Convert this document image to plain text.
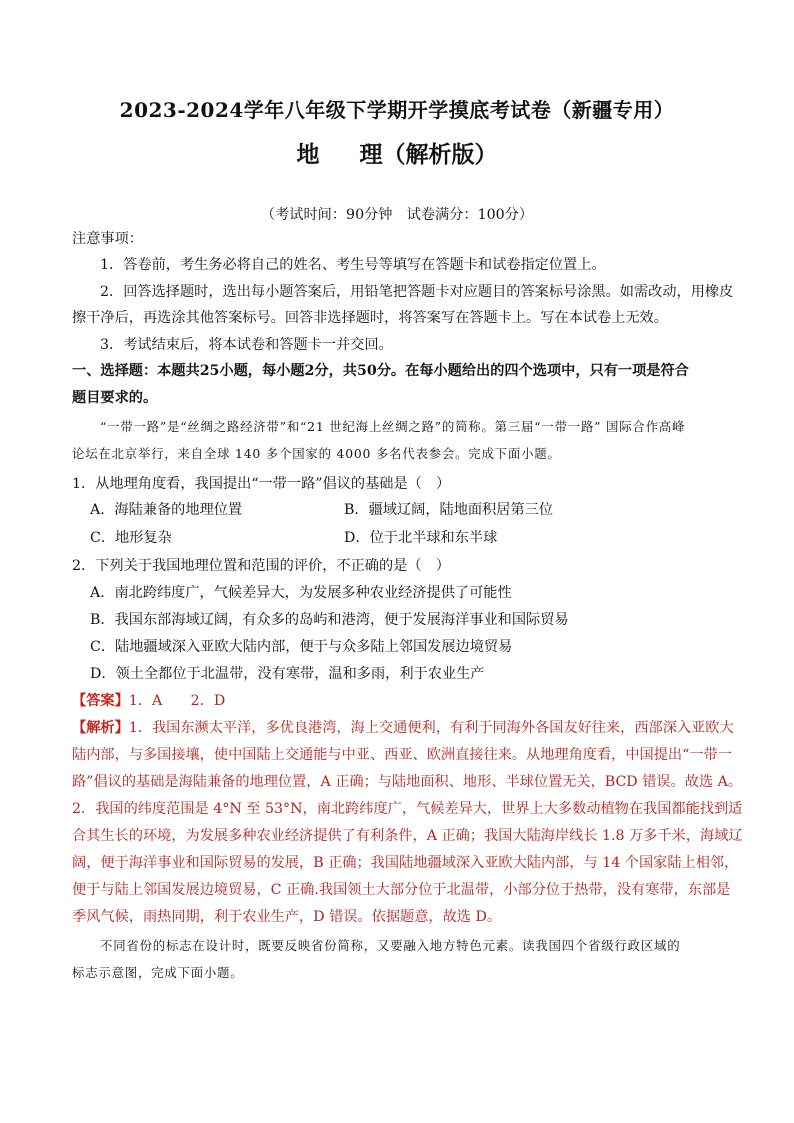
2023-2024学年八年级下学期开学摸底考试卷（新疆专用）
地 理（解析版）
（考试时间：90分钟　试卷满分：100分）
注意事项：
1．答卷前，考生务必将自己的姓名、考生号等填写在答题卡和试卷指定位置上。
2．回答选择题时，选出每小题答案后，用铅笔把答题卡对应题目的答案标号涂黑。如需改动，用橡皮
擦干净后，再选涂其他答案标号。回答非选择题时，将答案写在答题卡上。写在本试卷上无效。
3．考试结束后，将本试卷和答题卡一并交回。
一、选择题：本题共25小题，每小题2分，共50分。在每小题给出的四个选项中，只有一项是符合
题目要求的。
“一带一路”是“丝绸之路经济带”和“21 世纪海上丝绸之路”的简称。第三届“一带一路” 国际合作高峰
论坛在北京举行，来自全球 140 多个国家的 4000 多名代表参会。完成下面小题。
1．从地理角度看，我国提出“一带一路”倡议的基础是（　）
A．海陆兼备的地理位置	B．疆域辽阔，陆地面积居第三位
C．地形复杂	D．位于北半球和东半球
2．下列关于我国地理位置和范围的评价，不正确的是（　）
A．南北跨纬度广，气候差异大，为发展多种农业经济提供了可能性
B．我国东部海域辽阔，有众多的岛屿和港湾，便于发展海洋事业和国际贸易
C．陆地疆域深入亚欧大陆内部，便于与众多陆上邻国发展边境贸易
D．领土全都位于北温带，没有寒带，温和多雨，利于农业生产
【答案】1．A　　2．D
【解析】1．我国东濒太平洋，多优良港湾，海上交通便利，有利于同海外各国友好往来，西部深入亚欧大
陆内部，与多国接壤，使中国陆上交通能与中亚、西亚、欧洲直接往来。从地理角度看，中国提出“一带一
路”倡议的基础是海陆兼备的地理位置，A 正确；与陆地面积、地形、半球位置无关，BCD 错误。故选 A。
2．我国的纬度范围是 4°N 至 53°N，南北跨纬度广，气候差异大，世界上大多数动植物在我国都能找到适
合其生长的环境，为发展多种农业经济提供了有利条件，A 正确；我国大陆海岸线长 1.8 万多千米，海域辽
阔，便于海洋事业和国际贸易的发展，B 正确；我国陆地疆域深入亚欧大陆内部，与 14 个国家陆上相邻，
便于与陆上邻国发展边境贸易，C 正确.我国领土大部分位于北温带，小部分位于热带，没有寒带，东部是
季风气候，雨热同期，利于农业生产，D 错误。依据题意，故选 D。
不同省份的标志在设计时，既要反映省份简称，又要融入地方特色元素。读我国四个省级行政区域的
标志示意图，完成下面小题。
